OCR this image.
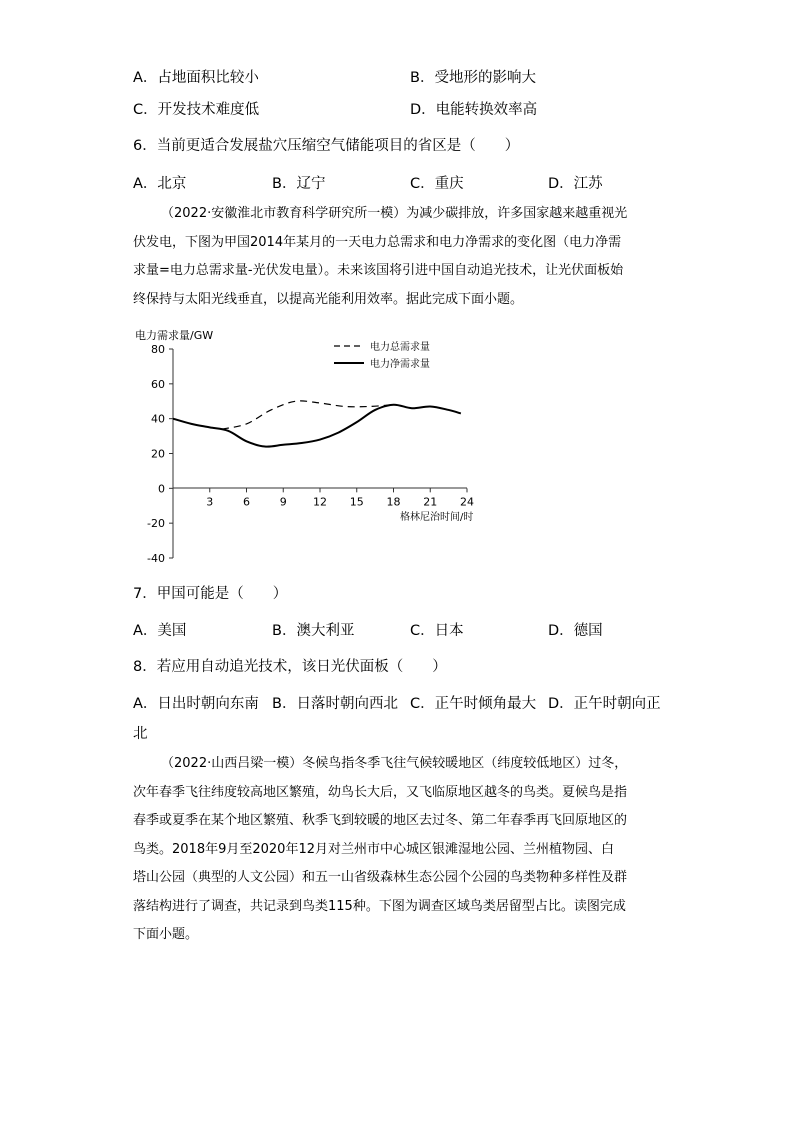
A．占地面积比较小	B．受地形的影响大
C．开发技术难度低	D．电能转换效率高
6．当前更适合发展盐穴压缩空气储能项目的省区是（　　）
A．北京	B．辽宁	C．重庆	D．江苏
（2022·安徽淮北市教育科学研究所一模）为减少碳排放，许多国家越来越重视光
伏发电，下图为甲国2014年某月的一天电力总需求和电力净需求的变化图（电力净需
求量=电力总需求量-光伏发电量）。未来该国将引进中国自动追光技术，让光伏面板始
终保持与太阳光线垂直，以提高光能利用效率。据此完成下面小题。
电力需求量/GW
80
60
40
20
0
-20
-40
3	6	9 12 15 18 21 24
格林尼治时间/时
电力总需求量
电力净需求量
7．甲国可能是（　　）
A．美国	B．澳大利亚	C．日本	D．德国
8．若应用自动追光技术，该日光伏面板（　　）
A．日出时朝向东南 B．日落时朝向西北 C．正午时倾角最大 D．正午时朝向正
北
（2022·山西吕梁一模）冬候鸟指冬季飞往气候较暖地区（纬度较低地区）过冬，
次年春季飞往纬度较高地区繁殖，幼鸟长大后，又飞临原地区越冬的鸟类。夏候鸟是指
春季或夏季在某个地区繁殖、秋季飞到较暖的地区去过冬、第二年春季再飞回原地区的
鸟类。2018年9月至2020年12月对兰州市中心城区银滩湿地公园、兰州植物园、白
塔山公园（典型的人文公园）和五一山省级森林生态公园个公园的鸟类物种多样性及群
落结构进行了调查，共记录到鸟类115种。下图为调查区域鸟类居留型占比。读图完成
下面小题。
